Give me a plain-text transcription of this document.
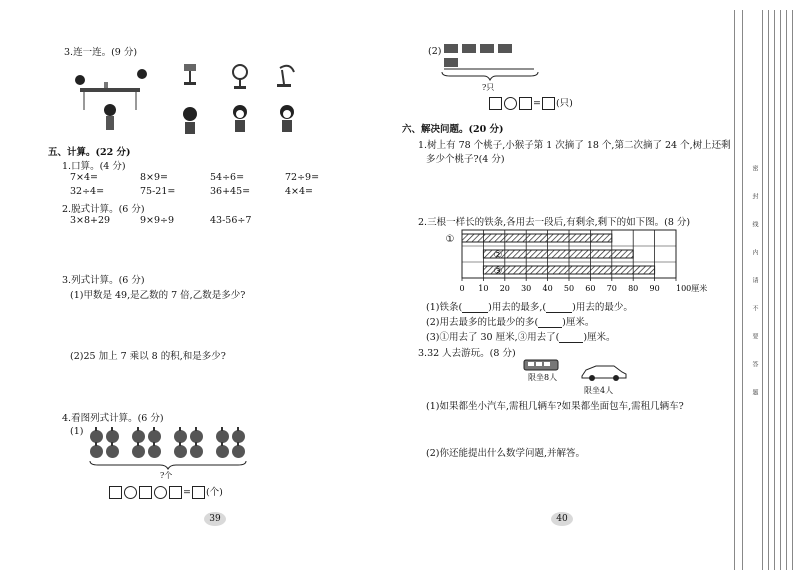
3.连一连。(9 分)
五、计算。(22 分)
1.口算。(4 分)
7×4=	8×9=	54÷6=	72÷9=
32÷4=	75-21=	36+45=	4×4=
2.脱式计算。(6 分)
3×8+29	9×9÷9	43-56÷7
3.列式计算。(6 分)
(1)甲数是 49,是乙数的 7 倍,乙数是多少?
(2)25 加上 7 乘以 8 的积,和是多少?
4.看图列式计算。(6 分)
(1)
?个
= (个)
39
(2)
?只
= (只)
六、解决问题。(20 分)
1.树上有 78 个桃子,小猴子第 1 次摘了 18 个,第二次摘了 24 个,树上还剩
多少个桃子?(4 分)
2.三根一样长的铁条,各用去一段后,有剩余,剩下的如下图。(8 分)
0 10 20 30 40 50 60 70 80 90 100厘米
①
②
③
(1)铁条(	)用去的最多,(	)用去的最少。
(2)用去最多的比最少的多(	)厘米。
(3)①用去了 30 厘米,③用去了(	)厘米。
3.32 人去游玩。(8 分)
限坐8人
限坐4人
(1)如果都坐小汽车,需租几辆车?如果都坐面包车,需租几辆车?
(2)你还能提出什么数学问题,并解答。
40
密
封
线
内
请
不
要
答
题
